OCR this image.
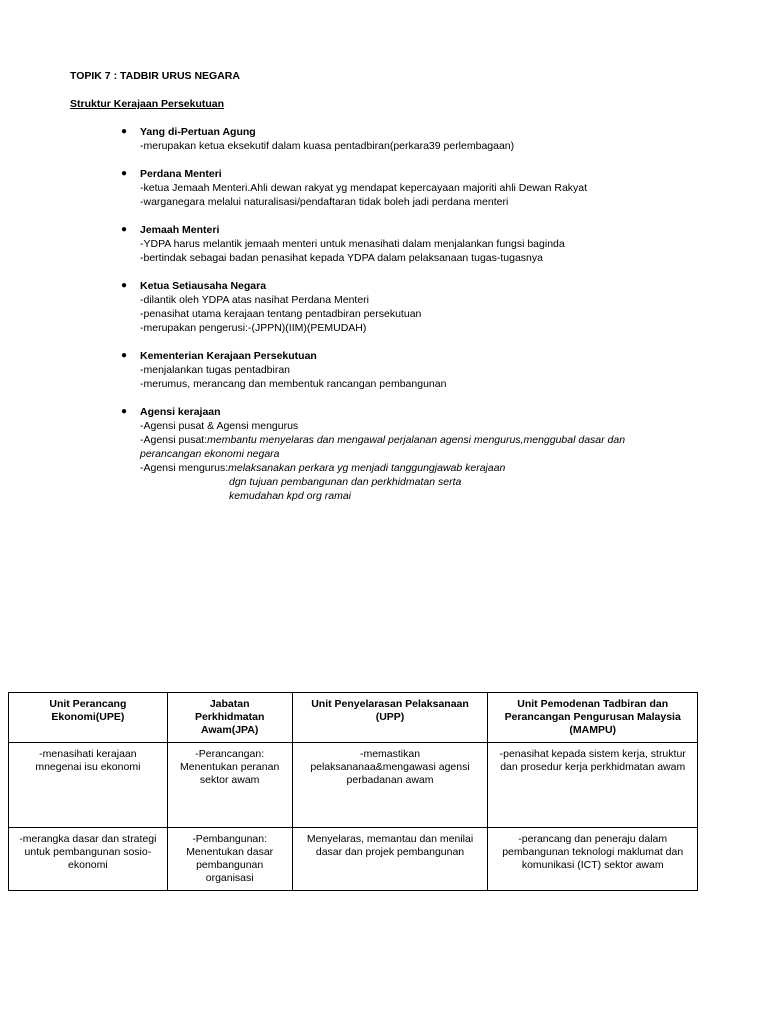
TOPIK 7 : TADBIR URUS NEGARA
Struktur Kerajaan Persekutuan
● Yang di-Pertuan Agung
-merupakan ketua eksekutif dalam kuasa pentadbiran(perkara39 perlembagaan)
● Perdana Menteri
-ketua Jemaah Menteri.Ahli dewan rakyat yg mendapat kepercayaan majoriti ahli Dewan Rakyat
-warganegara melalui naturalisasi/pendaftaran tidak boleh jadi perdana menteri
● Jemaah Menteri
-YDPA harus melantik jemaah menteri untuk menasihati dalam menjalankan fungsi baginda
-bertindak sebagai badan penasihat kepada YDPA dalam pelaksanaan tugas-tugasnya
● Ketua Setiausaha Negara
-dilantik oleh YDPA atas nasihat Perdana Menteri
-penasihat utama kerajaan tentang pentadbiran persekutuan
-merupakan pengerusi:-(JPPN)(IIM)(PEMUDAH)
● Kementerian Kerajaan Persekutuan
-menjalankan tugas pentadbiran
-merumus, merancang dan membentuk rancangan pembangunan
● Agensi kerajaan
-Agensi pusat & Agensi mengurus
-Agensi pusat:membantu menyelaras dan mengawal perjalanan agensi mengurus,menggubal dasar dan
perancangan ekonomi negara
-Agensi mengurus:melaksanakan perkara yg menjadi tanggungjawab kerajaan
dgn tujuan pembangunan dan perkhidmatan serta
kemudahan kpd org ramai
Unit Perancang Ekonomi(UPE)	Jabatan Perkhidmatan Awam(JPA)	Unit Penyelarasan Pelaksanaan (UPP)	Unit Pemodenan Tadbiran dan Perancangan Pengurusan Malaysia (MAMPU)
-menasihati kerajaan mnegenai isu ekonomi	-Perancangan: Menentukan peranan sektor awam	-memastikan pelaksananaa&mengawasi agensi perbadanan awam	-penasihat kepada sistem kerja, struktur dan prosedur kerja perkhidmatan awam
-merangka dasar dan strategi untuk pembangunan sosio-ekonomi	-Pembangunan: Menentukan dasar pembangunan organisasi	Menyelaras, memantau dan menilai dasar dan projek pembangunan	-perancang dan peneraju dalam pembangunan teknologi maklumat dan komunikasi (ICT) sektor awam
